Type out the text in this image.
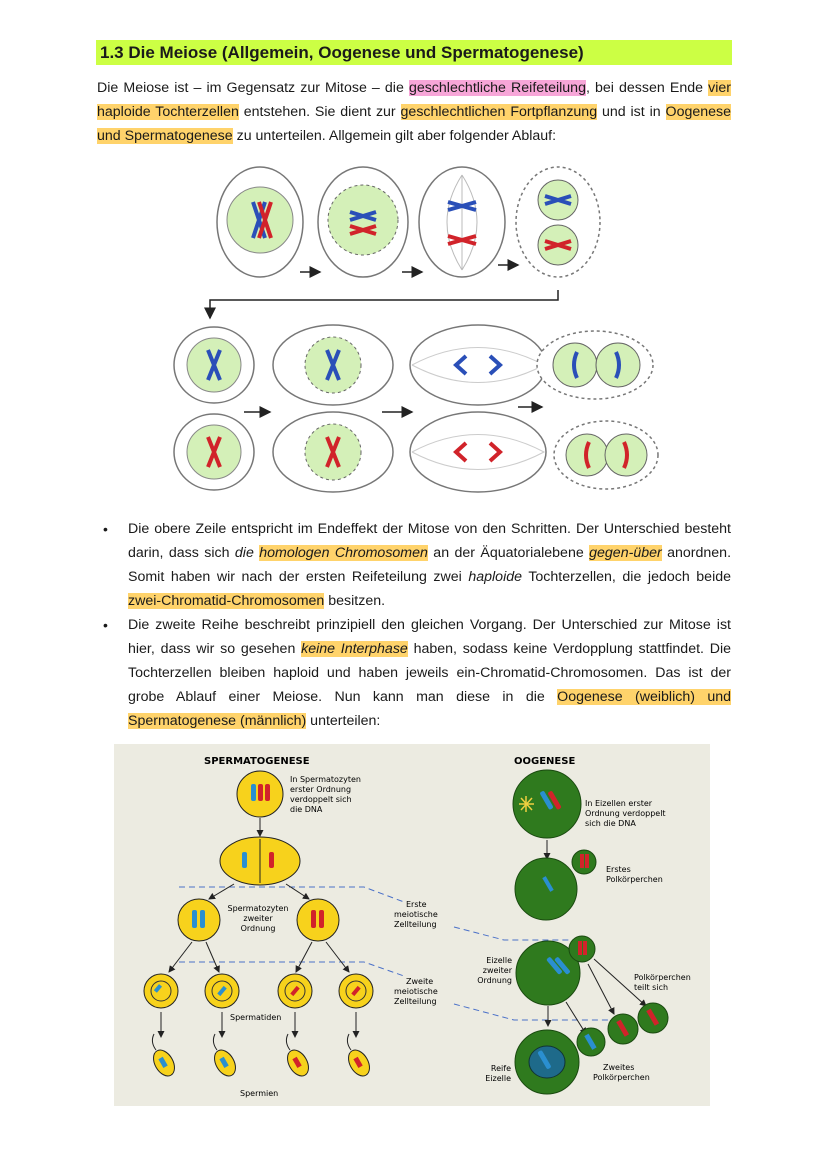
1.3 Die Meiose (Allgemein, Oogenese und Spermatogenese)
Die Meiose ist – im Gegensatz zur Mitose – die geschlechtliche Reifeteilung, bei dessen Ende vier haploide Tochterzellen entstehen. Sie dient zur geschlechtlichen Fortpflanzung und ist in Oogenese und Spermatogenese zu unterteilen. Allgemein gilt aber folgender Ablauf:
• Die obere Zeile entspricht im Endeffekt der Mitose von den Schritten. Der Unterschied besteht darin, dass sich die homologen Chromosomen an der Äquatorialebene gegen-über anordnen. Somit haben wir nach der ersten Reifeteilung zwei haploide Tochterzellen, die jedoch beide zwei-Chromatid-Chromosomen besitzen.
• Die zweite Reihe beschreibt prinzipiell den gleichen Vorgang. Der Unterschied zur Mitose ist hier, dass wir so gesehen keine Interphase haben, sodass keine Verdopplung stattfindet. Die Tochterzellen bleiben haploid und haben jeweils ein-Chromatid-Chromosomen. Das ist der grobe Ablauf einer Meiose. Nun kann man diese in die Oogenese (weiblich) und Spermatogenese (männlich) unterteilen:
SPERMATOGENESE	OOGENESE
In Spermatozyten erster Ordnung verdoppelt sich die DNA
Spermatozyten zweiter Ordnung
Spermatiden
Spermien
Erste meiotische Zellteilung
Zweite meiotische Zellteilung
In Eizellen erster Ordnung verdoppelt sich die DNA
Erstes Polkörperchen
Eizelle zweiter Ordnung	Polkörperchen teilt sich
Reife Eizelle
Zweites Polkörperchen
